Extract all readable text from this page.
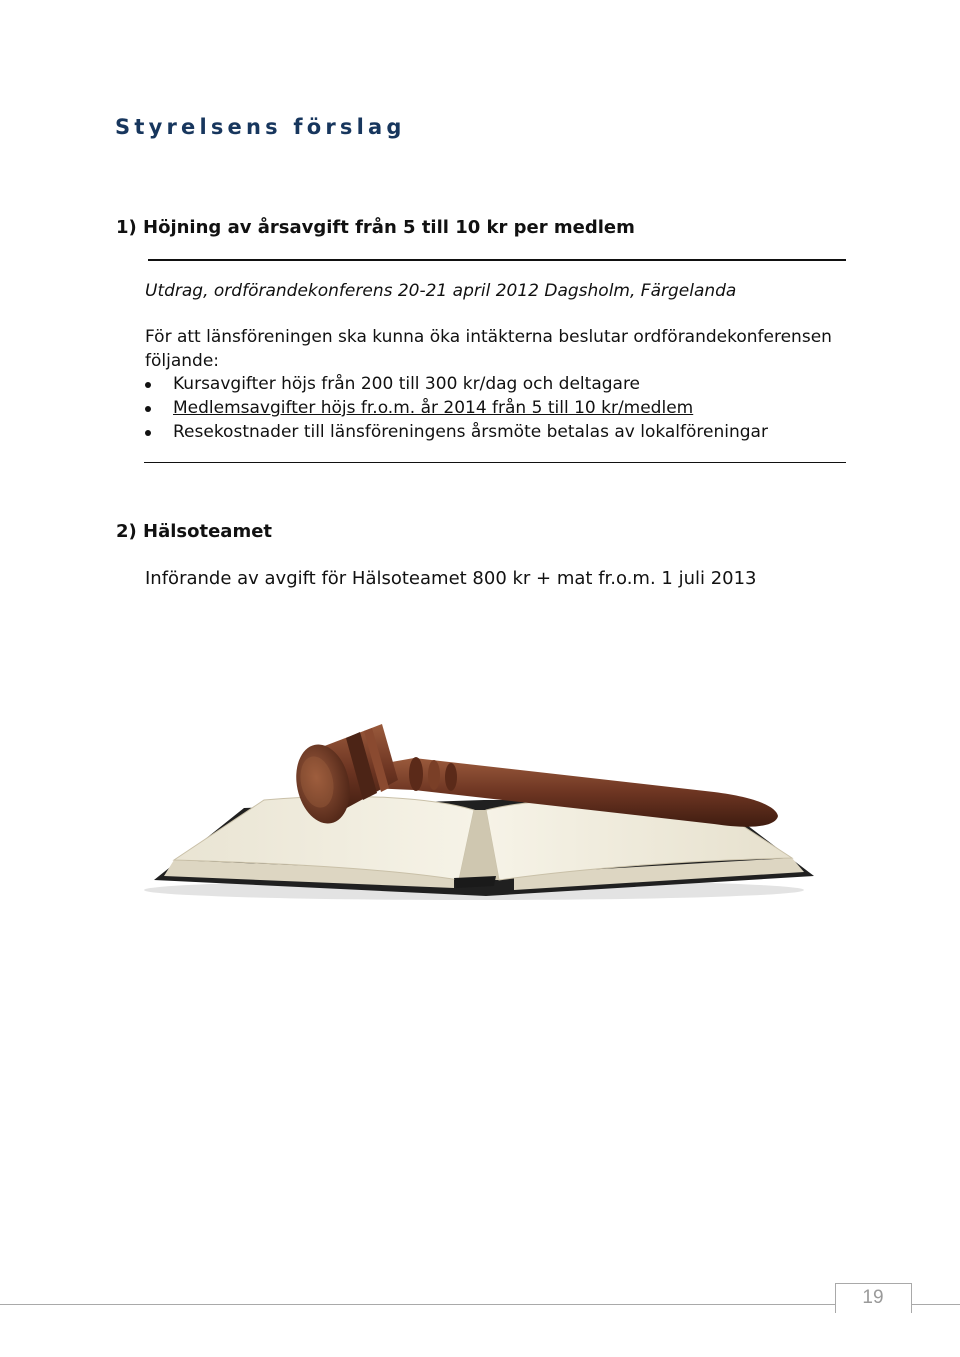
Styrelsens förslag
1) Höjning av årsavgift från 5 till 10 kr per medlem
Utdrag, ordförandekonferens 20-21 april 2012 Dagsholm, Färgelanda
För att länsföreningen ska kunna öka intäkterna beslutar ordförandekonferensen följande:
Kursavgifter höjs från 200 till 300 kr/dag och deltagare
Medlemsavgifter höjs fr.o.m. år 2014 från 5 till 10 kr/medlem
Resekostnader till länsföreningens årsmöte betalas av lokalföreningar
2) Hälsoteamet
Införande av avgift för Hälsoteamet 800 kr + mat fr.o.m. 1 juli 2013
19
